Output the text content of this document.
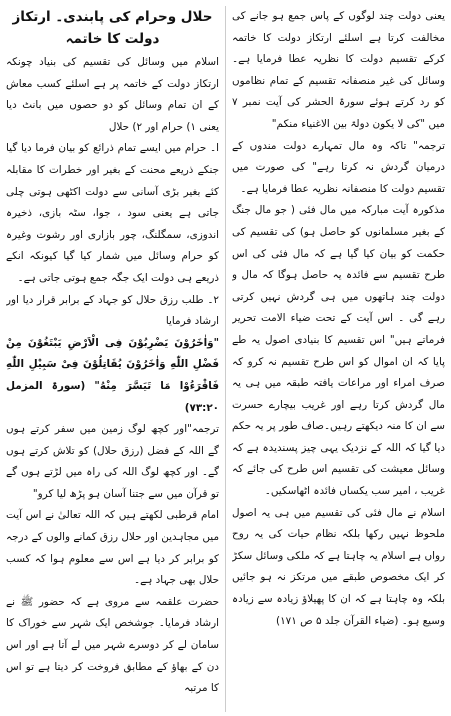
یعنی دولت چند لوگوں کے پاس جمع ہو جانے کی مخالفت کرتا ہے اسلئے ارتکاز دولت کا خاتمہ کرکے تقسیم دولت کا نظریہ عطا فرمایا ہے۔ وسائل کی غیر منصفانہ تقسیم کے تمام نظاموں کو رد کرتے ہوئے سورۃ الحشر کی آیت نمبر ۷ میں "کی لا یکون دولۃ بین الاغنیاء منکم"

ترجمہ" تاکہ وہ مال تمہارے دولت مندوں کے درمیان گردش نہ کرتا رہے" کی صورت میں تقسیم دولت کا منصفانہ نظریہ عطا فرمایا ہے۔

مذکورہ آیت مبارکہ میں مال فئی ( جو مال جنگ کے بغیر مسلمانوں کو حاصل ہو) کی تقسیم کی حکمت کو بیان کیا گیا ہے کہ مال فئی کی اس طرح تقسیم سے فائدہ یہ حاصل ہوگا کہ مال و دولت چند ہاتھوں میں ہی گردش نہیں کرتی رہے گی ۔ اس آیت کے تحت ضیاء الامت تحریر فرماتے ہیں" اس تقسیم کا بنیادی اصول یہ طے پایا کہ ان اموال کو اس طرح تقسیم نہ کرو کہ صرف امراء اور مراعات یافتہ طبقہ میں ہی یہ مال گردش کرتا رہے اور غریب بیچارے حسرت سے ان کا منہ دیکھتے رہیں۔صاف طور پر یہ حکم دیا گیا کہ اللہ کے نزدیک یہی چیز پسندیدہ ہے کہ وسائل معیشت کی تقسیم اس طرح کی جائے کہ غریب ، امیر سب یکساں فائدہ اٹھاسکیں۔

اسلام نے مال فئی کی تقسیم میں ہی یہ اصول ملحوظ نہیں رکھا بلکہ نظام حیات کی یہ روح رواں ہے اسلام یہ چاہتا ہے کہ ملکی وسائل سکڑ کر ایک مخصوص طبقے میں مرتکز نہ ہو جائیں بلکہ وہ چاہتا ہے کہ ان کا پھیلاؤ زیادہ سے زیادہ وسیع ہو۔ (ضیاء القرآن جلد ۵ ص ۱۷۱)

حلال وحرام کی پابندی۔ ارتکاز دولت کا خاتمہ

اسلام میں وسائل کی تقسیم کی بنیاد چونکہ ارتکاز دولت کے خاتمہ پر ہے اسلئے کسب معاش کے ان تمام وسائل کو دو حصوں میں بانٹ دیا یعنی ۱) حرام اور ۲) حلال

ا۔ حرام میں ایسے تمام ذرائع کو بیان فرما دیا گیا جنکے ذریعے محنت کے بغیر اور خطرات کا مقابلہ کئے بغیر بڑی آسانی سے دولت اکٹھی ہوتی چلی جاتی ہے یعنی سود ، جوا، سٹہ بازی، ذخیرہ اندوزی، سمگلنگ، چور بازاری اور رشوت وغیرہ کو حرام وسائل میں شمار کیا گیا کیونکہ انکے ذریعے ہی دولت ایک جگہ جمع ہوتی جاتی ہے۔

۲۔ طلب رزق حلال کو جہاد کے برابر قرار دیا اور ارشاد فرمایا

"وَاٰخَرُوْنَ یَضْرِبُوْنَ فِی الْاَرْضِ یَبْتَغُوْنَ مِنْ فَضْلِ اللّٰهِ وَاٰخَرُوْنَ یُقَاتِلُوْنَ فِیْ سَبِیْلِ اللّٰهِ فَاقْرَءُوْا مَا تَیَسَّرَ مِنْهُ" (سورۃ المزمل ۷۳:۲۰)

ترجمہ"اور کچھ لوگ زمین میں سفر کرتے ہوں گے اللہ کے فضل (رزق حلال) کو تلاش کرتے ہوں گے۔ اور کچھ لوگ اللہ کی راہ میں لڑتے ہوں گے تو قرآن میں سے جتنا آسان ہو پڑھ لیا کرو"

امام قرطبی لکھتے ہیں کہ اللہ تعالیٰ نے اس آیت میں مجاہدین اور حلال رزق کمانے والوں کے درجہ کو برابر کر دیا ہے اس سے معلوم ہوا کہ کسب حلال بھی جہاد ہے۔

حضرت علقمہ سے مروی ہے کہ حضور ﷺ نے ارشاد فرمایا۔ جوشخص ایک شہر سے خوراک کا سامان لے کر دوسرے شہر میں لے آتا ہے اور اس دن کے بھاؤ کے مطابق فروخت کر دیتا ہے تو اس کا مرتبہ
